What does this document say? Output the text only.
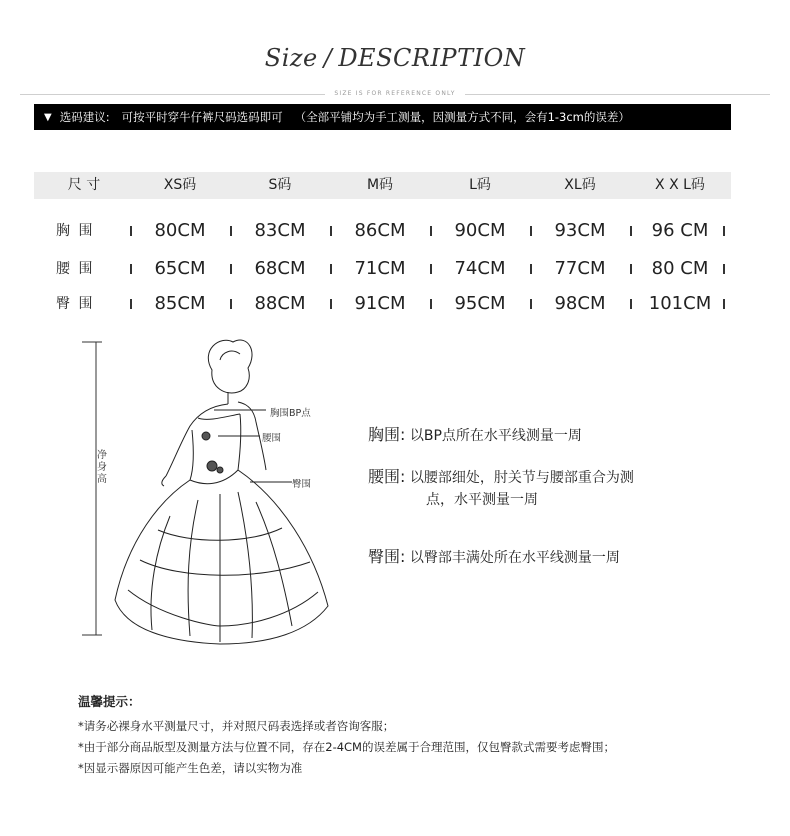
Size / DESCRIPTION
SIZE IS FOR REFERENCE ONLY
▼ 选码建议: 可按平时穿牛仔裤尺码选码即可 （全部平铺均为手工测量，因测量方式不同，会有1-3cm的误差）
尺 寸	XS码	S码	M码	L码	XL码	X X L码
胸 围	80CM	83CM	86CM	90CM	93CM	96 CM
腰 围	65CM	68CM	71CM	74CM	77CM	80 CM
臀 围	85CM	88CM	91CM	95CM	98CM	101CM
胸围BP点
腰围
臀围
净身高
胸围: 以BP点所在水平线测量一周
腰围: 以腰部细处，肘关节与腰部重合为测
点，水平测量一周
臀围: 以臀部丰满处所在水平线测量一周
温馨提示：
*请务必裸身水平测量尺寸，并对照尺码表选择或者咨询客服；
*由于部分商品版型及测量方法与位置不同，存在2-4CM的误差属于合理范围，仅包臀款式需要考虑臀围；
*因显示器原因可能产生色差，请以实物为准
